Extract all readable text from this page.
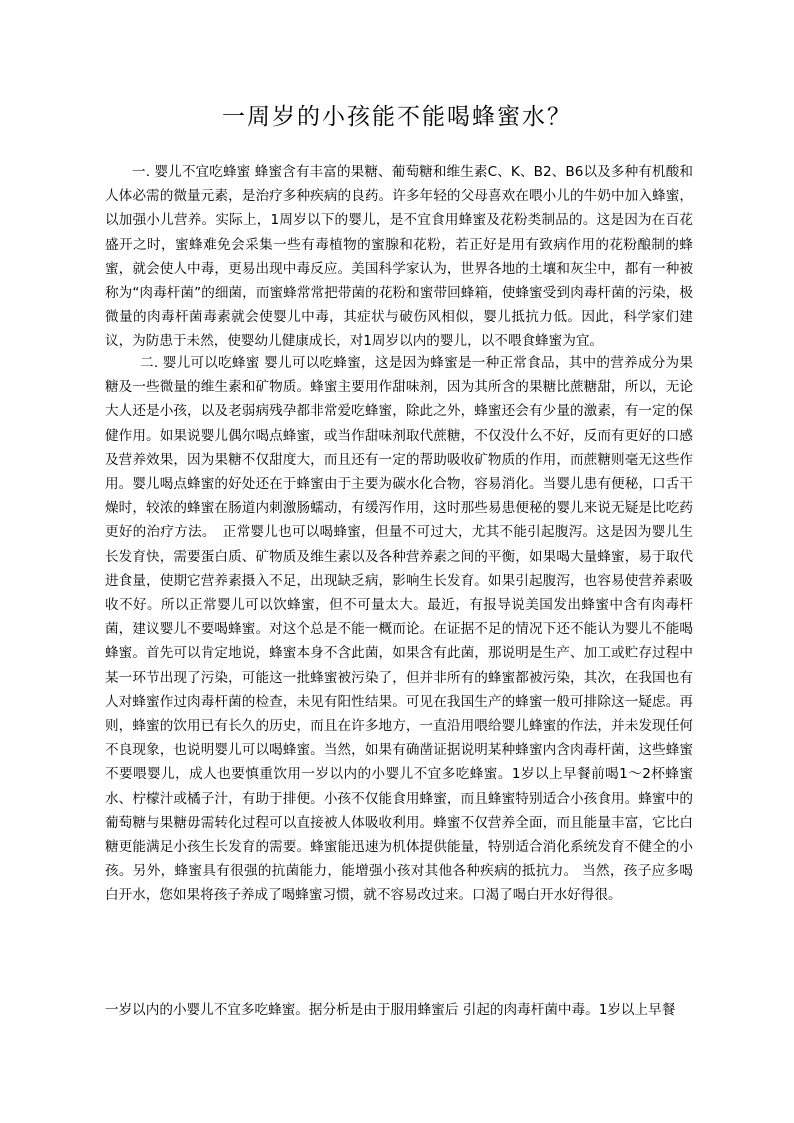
一周岁的小孩能不能喝蜂蜜水？

一. 婴儿不宜吃蜂蜜 蜂蜜含有丰富的果糖、葡萄糖和维生素C、K、B2、B6以及多种有机酸和人体必需的微量元素，是治疗多种疾病的良药。许多年轻的父母喜欢在喂小儿的牛奶中加入蜂蜜，以加强小儿营养。实际上，1周岁以下的婴儿，是不宜食用蜂蜜及花粉类制品的。这是因为在百花盛开之时，蜜蜂难免会采集一些有毒植物的蜜腺和花粉，若正好是用有致病作用的花粉酿制的蜂蜜，就会使人中毒，更易出现中毒反应。美国科学家认为，世界各地的土壤和灰尘中，都有一种被称为“肉毒杆菌”的细菌，而蜜蜂常常把带菌的花粉和蜜带回蜂箱，使蜂蜜受到肉毒杆菌的污染，极微量的肉毒杆菌毒素就会使婴儿中毒，其症状与破伤风相似，婴儿抵抗力低。因此，科学家们建议，为防患于未然，使婴幼儿健康成长，对1周岁以内的婴儿，以不喂食蜂蜜为宜。

二. 婴儿可以吃蜂蜜 婴儿可以吃蜂蜜，这是因为蜂蜜是一种正常食品，其中的营养成分为果糖及一些微量的维生素和矿物质。蜂蜜主要用作甜味剂，因为其所含的果糖比蔗糖甜，所以，无论大人还是小孩，以及老弱病残孕都非常爱吃蜂蜜，除此之外，蜂蜜还会有少量的激素，有一定的保健作用。如果说婴儿偶尔喝点蜂蜜，或当作甜味剂取代蔗糖，不仅没什么不好，反而有更好的口感及营养效果，因为果糖不仅甜度大，而且还有一定的帮助吸收矿物质的作用，而蔗糖则毫无这些作用。婴儿喝点蜂蜜的好处还在于蜂蜜由于主要为碳水化合物，容易消化。当婴儿患有便秘，口舌干燥时，较浓的蜂蜜在肠道内刺激肠蠕动，有缓泻作用，这时那些易患便秘的婴儿来说无疑是比吃药更好的治疗方法。　正常婴儿也可以喝蜂蜜，但量不可过大，尤其不能引起腹泻。这是因为婴儿生长发育快，需要蛋白质、矿物质及维生素以及各种营养素之间的平衡，如果喝大量蜂蜜，易于取代进食量，使期它营养素摄入不足，出现缺乏病，影响生长发育。如果引起腹泻，也容易使营养素吸收不好。所以正常婴儿可以饮蜂蜜，但不可量太大。最近，有报导说美国发出蜂蜜中含有肉毒杆菌，建议婴儿不要喝蜂蜜。对这个总是不能一概而论。在证据不足的情况下还不能认为婴儿不能喝蜂蜜。首先可以肯定地说，蜂蜜本身不含此菌，如果含有此菌，那说明是生产、加工或贮存过程中某一环节出现了污染，可能这一批蜂蜜被污染了，但并非所有的蜂蜜都被污染，其次，在我国也有人对蜂蜜作过肉毒杆菌的检查，未见有阳性结果。可见在我国生产的蜂蜜一般可排除这一疑虑。再则，蜂蜜的饮用已有长久的历史，而且在许多地方，一直沿用喂给婴儿蜂蜜的作法，并未发现任何不良现象，也说明婴儿可以喝蜂蜜。当然，如果有确凿证据说明某种蜂蜜内含肉毒杆菌，这些蜂蜜不要喂婴儿，成人也要慎重饮用一岁以内的小婴儿不宜多吃蜂蜜。1岁以上早餐前喝1～2杯蜂蜜水、柠檬汁或橘子汁，有助于排便。小孩不仅能食用蜂蜜，而且蜂蜜特别适合小孩食用。蜂蜜中的葡萄糖与果糖毋需转化过程可以直接被人体吸收利用。蜂蜜不仅营养全面，而且能量丰富，它比白糖更能满足小孩生长发育的需要。蜂蜜能迅速为机体提供能量，特别适合消化系统发育不健全的小孩。另外，蜂蜜具有很强的抗菌能力，能增强小孩对其他各种疾病的抵抗力。 当然，孩子应多喝白开水，您如果将孩子养成了喝蜂蜜习惯，就不容易改过来。口渴了喝白开水好得很。

一岁以内的小婴儿不宜多吃蜂蜜。据分析是由于服用蜂蜜后 引起的肉毒杆菌中毒。1岁以上早餐
